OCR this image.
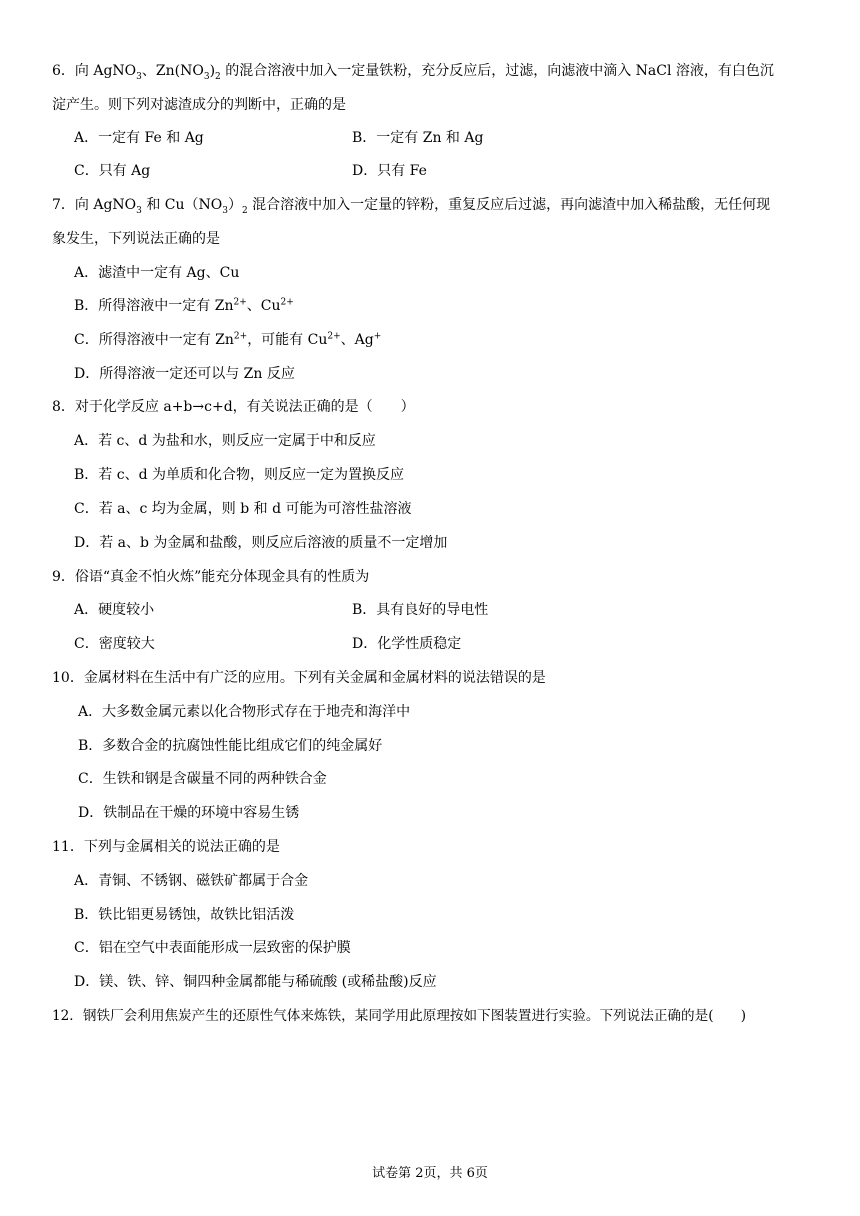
6．向 AgNO$_3$、$Zn(NO_3)_2$ 的混合溶液中加入一定量铁粉，充分反应后，过滤，向滤液中滴入 NaCl 溶液，有白色沉
淀产生。则下列对滤渣成分的判断中，正确的是
A．一定有 Fe 和 Ag	B．一定有 Zn 和 Ag
C．只有 Ag	D．只有 Fe
7．向 AgNO$_3$ 和 $Cu(NO_3)_2$ 混合溶液中加入一定量的锌粉，重复反应后过滤，再向滤渣中加入稀盐酸，无任何现
象发生，下列说法正确的是
A．滤渣中一定有 Ag、Cu
B．所得溶液中一定有 $Zn^{2+}$、$Cu^{2+}$
C．所得溶液中一定有 $Zn^{2+}$，可能有 $Cu^{2+}$、Ag+
D．所得溶液一定还可以与 Zn 反应
8．对于化学反应 a+b→c+d，有关说法正确的是（　　）
A．若 c、d 为盐和水，则反应一定属于中和反应
B．若 c、d 为单质和化合物，则反应一定为置换反应
C．若 a、c 均为金属，则 b 和 d 可能为可溶性盐溶液
D．若 a、b 为金属和盐酸，则反应后溶液的质量不一定增加
9．俗语“真金不怕火炼”能充分体现金具有的性质为
A．硬度较小	B．具有良好的导电性
C．密度较大	D．化学性质稳定
10．金属材料在生活中有广泛的应用。下列有关金属和金属材料的说法错误的是
A．大多数金属元素以化合物形式存在于地壳和海洋中
B．多数合金的抗腐蚀性能比组成它们的纯金属好
C．生铁和钢是含碳量不同的两种铁合金
D．铁制品在干燥的环境中容易生锈
11．下列与金属相关的说法正确的是
A．青铜、不锈钢、磁铁矿都属于合金
B．铁比铝更易锈蚀，故铁比铝活泼
C．铝在空气中表面能形成一层致密的保护膜
D．镁、铁、锌、铜四种金属都能与稀硫酸 (或稀盐酸)反应
12．钢铁厂会利用焦炭产生的还原性气体来炼铁，某同学用此原理按如下图装置进行实验。下列说法正确的是(　　)
试卷第 2页，共 6页
